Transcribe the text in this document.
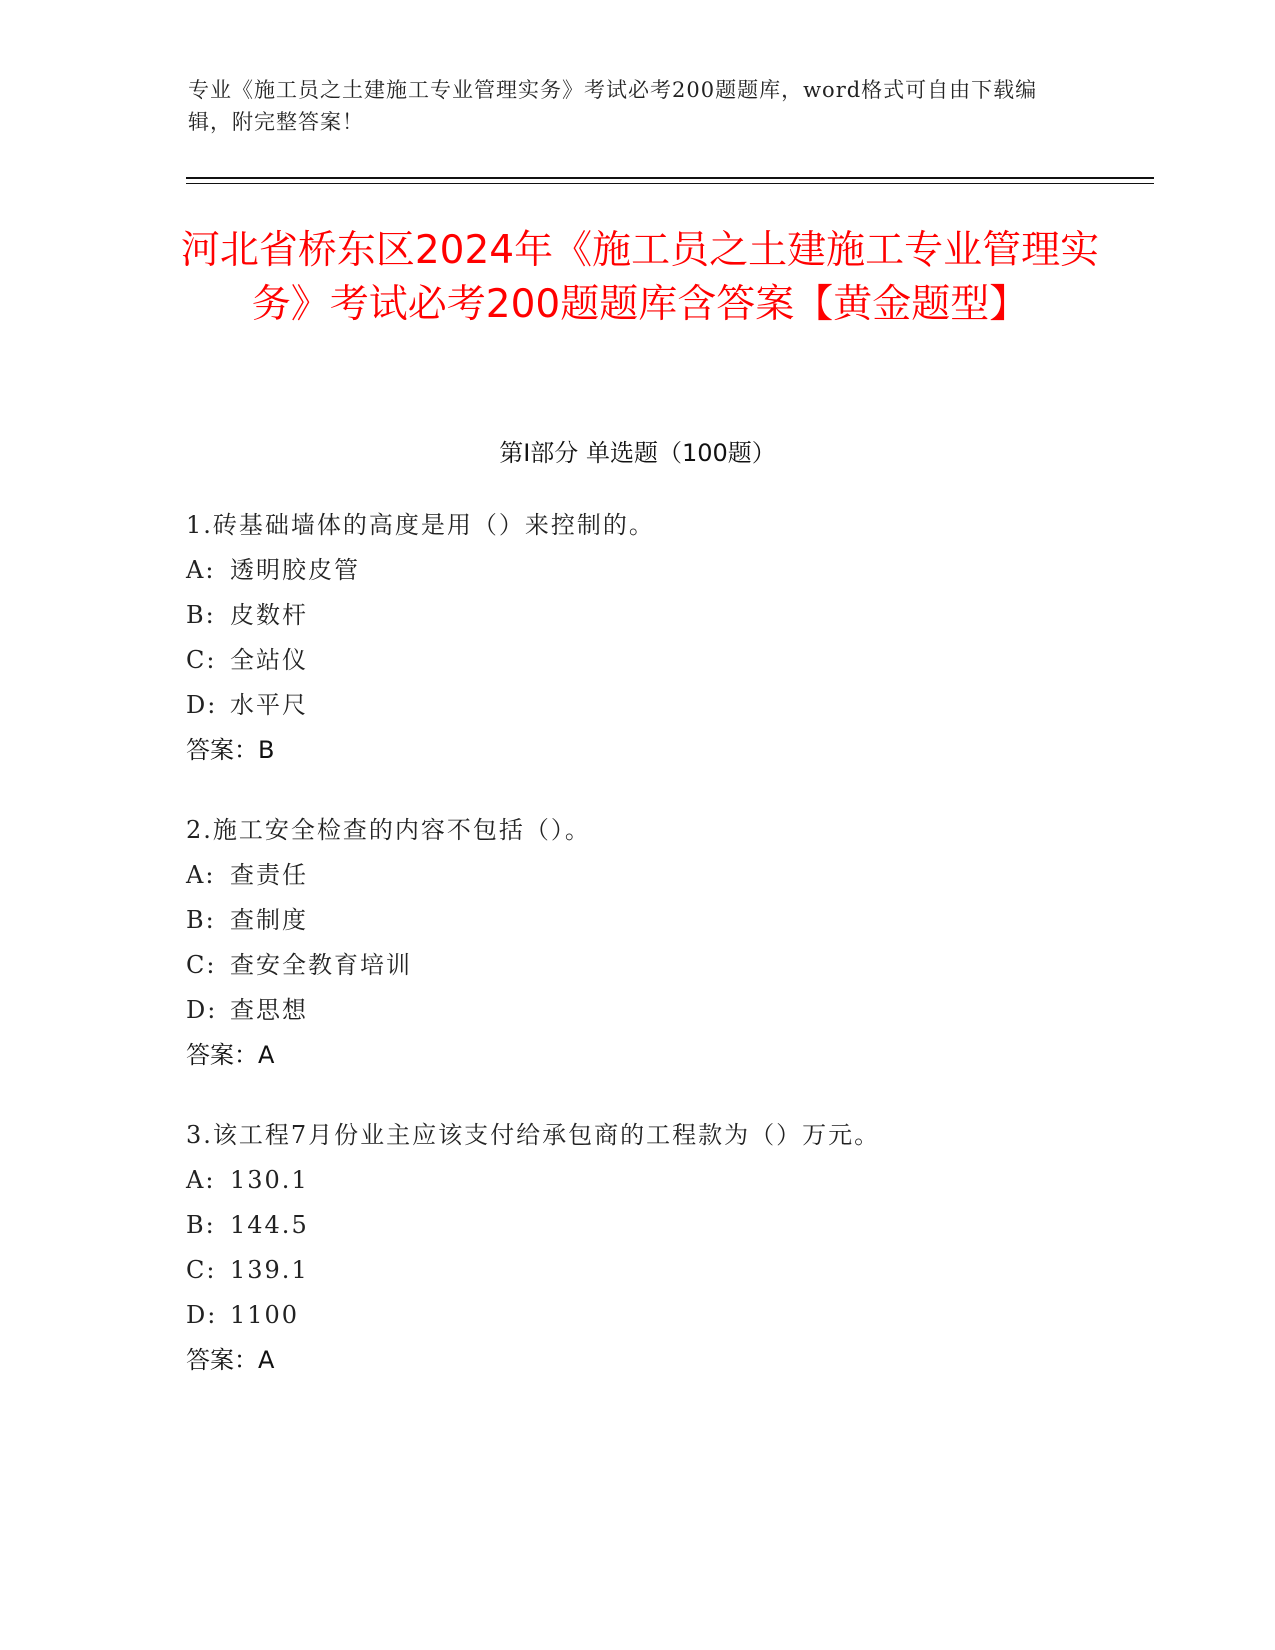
专业《施工员之土建施工专业管理实务》考试必考200题题库，word格式可自由下载编辑，附完整答案！
河北省桥东区2024年《施工员之土建施工专业管理实务》考试必考200题题库含答案【黄金题型】
第Ⅰ部分 单选题（100题）
1.砖基础墙体的高度是用（）来控制的。
A: 透明胶皮管
B: 皮数杆
C: 全站仪
D: 水平尺
答案：B
2.施工安全检查的内容不包括（）。
A: 查责任
B: 查制度
C: 查安全教育培训
D: 查思想
答案：A
3.该工程7月份业主应该支付给承包商的工程款为（）万元。
A: 130.1
B: 144.5
C: 139.1
D: 1100
答案：A
